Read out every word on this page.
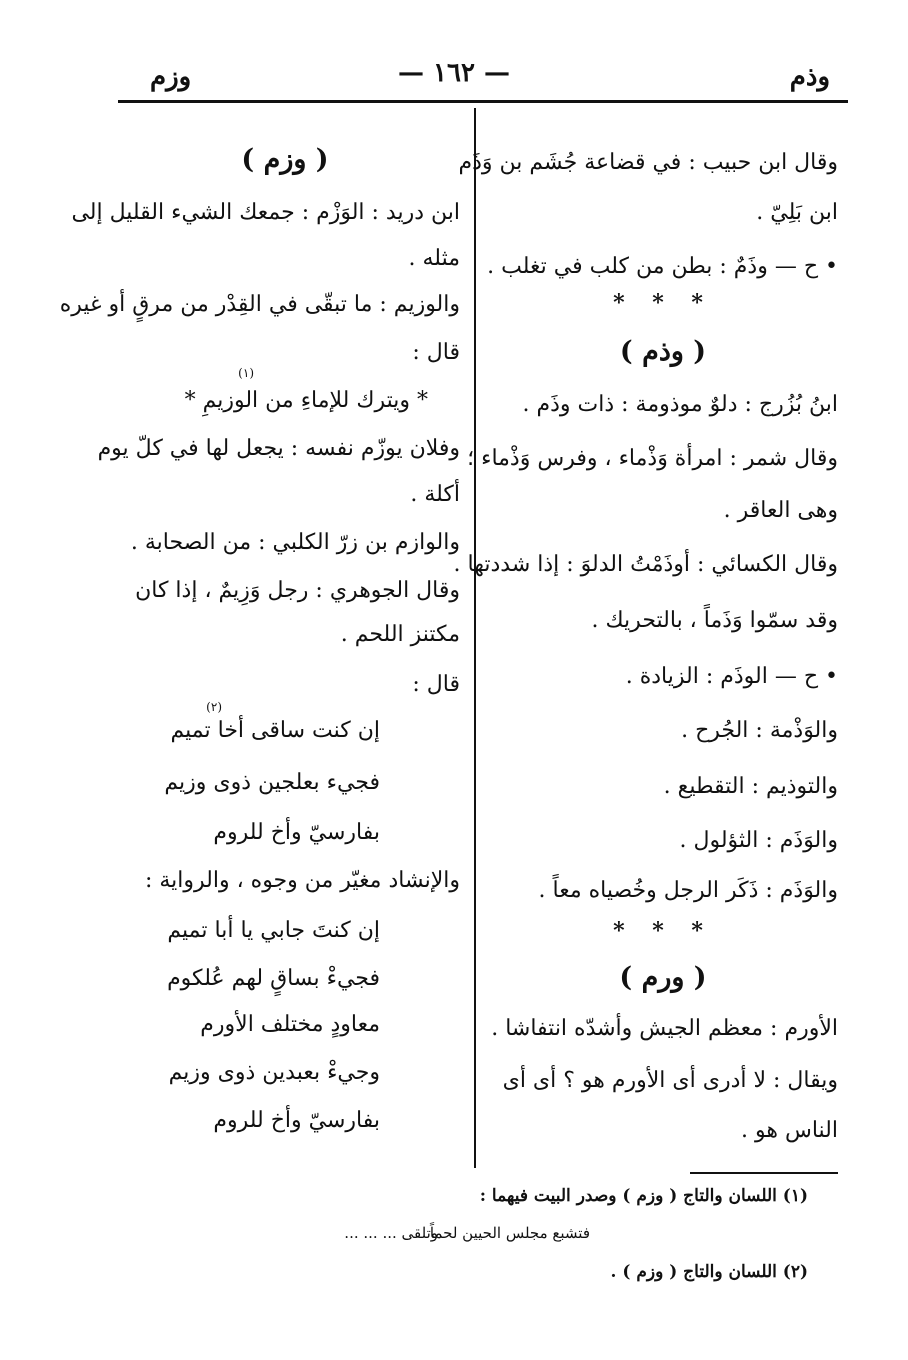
وذم
— ١٦٢ —
وزم
وقال ابن حبيب : في قضاعة جُشَم بن وَذَم
ابن بَلِيّ .
• ح — وذَمٌ : بطن من كلب في تغلب .
* * *
( وذم )
ابنُ بُزُرج : دلوٌ موذومة : ذات وذَم .
وقال شمر : امرأة وَذْماء ، وفرس وَذْماء ؛
وهى العاقر .
وقال الكسائي : أوذَمْتُ الدلوَ : إذا شددتها .
وقد سمّوا وَذَماً ، بالتحريك .
• ح — الوذَم : الزيادة .
والوَذْمة : الجُرح .
والتوذيم : التقطيع .
والوَذَم : الثؤلول .
والوَذَم : ذَكَر الرجل وخُصياه معاً .
* * *
( ورم )
الأورم : معظم الجيش وأشدّه انتفاشا .
ويقال : لا أدرى أى الأورم هو ؟ أى أى
الناس هو .
( وزم )
ابن دريد : الوَزْم : جمعك الشيء القليل إلى
مثله .
والوزيم : ما تبقّى في القِدْر من مرقٍ أو غيره
قال :
* ويترك للإماءِ من الوزيمِ *
(١)
وفلان يوزّم نفسه : يجعل لها في كلّ يوم
أكلة .
والوازم بن زرّ الكلبي : من الصحابة .
وقال الجوهري : رجل وَزِيمٌ ، إذا كان
مكتنز اللحم .
قال :
إن كنت ساقى أخا تميم
(٢)
فجيء بعلجين ذوى وزيم
بفارسيّ وأخ للروم
والإنشاد مغيّر من وجوه ، والرواية :
إن كنتَ جابي يا أبا تميم
فجيءْ بساقٍ لهم عُلكوم
معاودٍ مختلف الأورم
وجيءْ بعبدين ذوى وزيم
بفارسيّ وأخ للروم
(١) اللسان والتاج ( وزم ) وصدر البيت فيهما :
فتشبع مجلس الحيين لحماً
وتلقى ... ... ...
(٢) اللسان والتاج ( وزم ) .
